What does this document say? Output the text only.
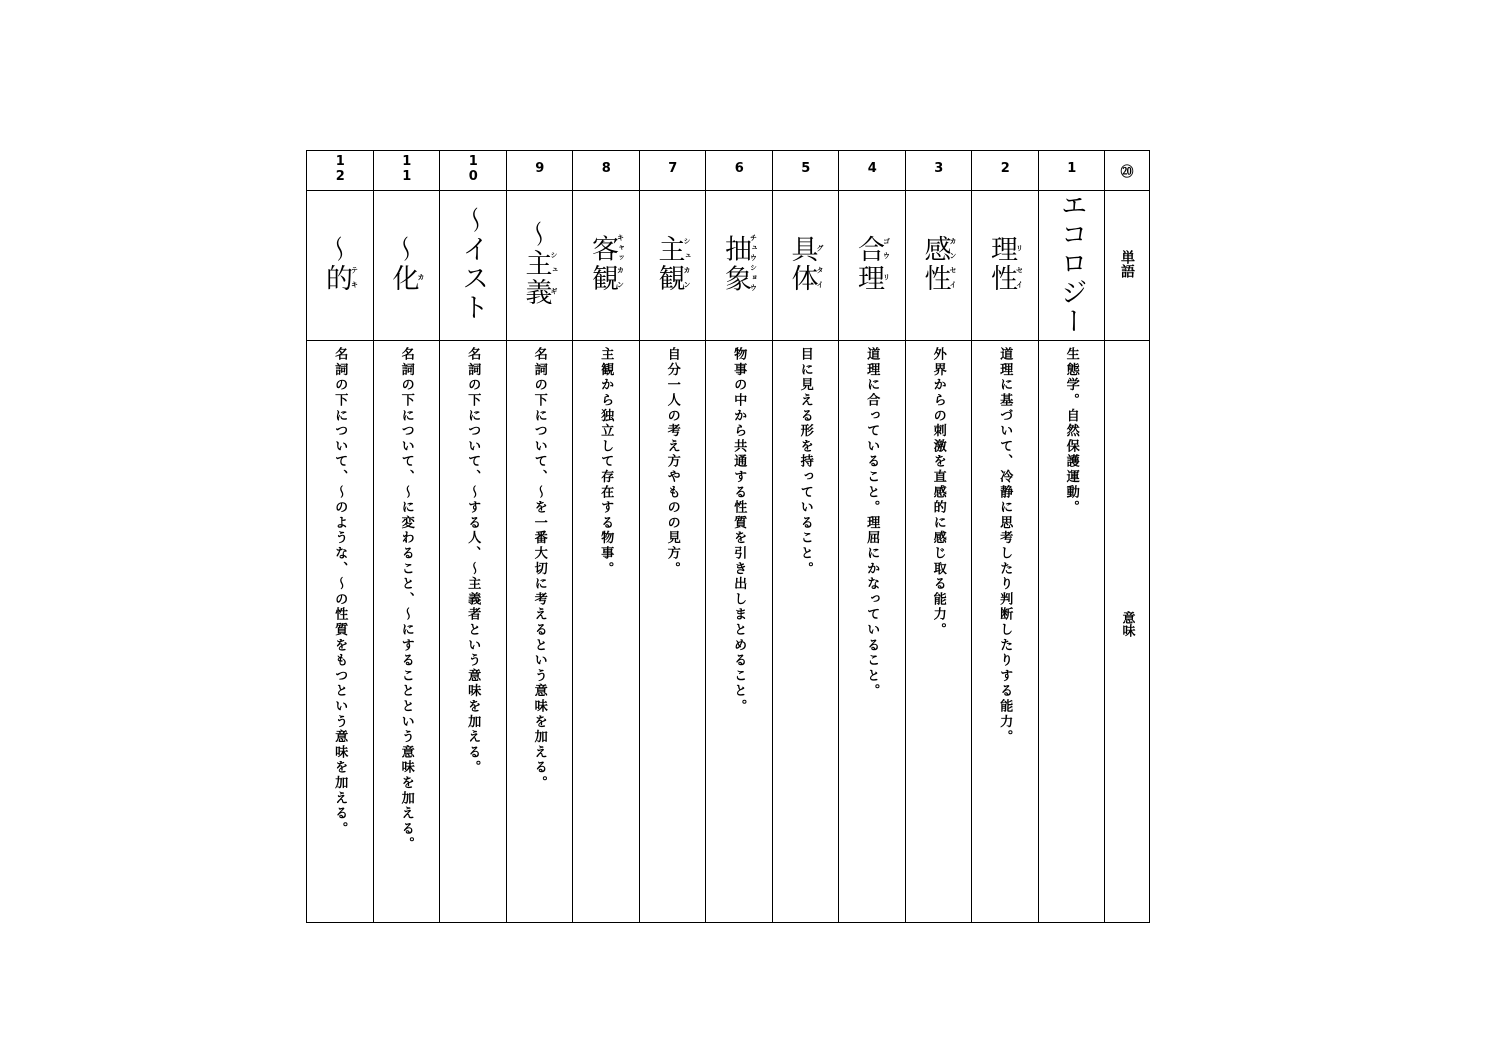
12	11	10	9	8	7	6	5	4	3	2	1	⑳
〜的テキ	〜化カ	〜イスト	〜主シュ義ギ	客キャッ観カン	主シュ観カン	抽チュウ象ショウ	具グ体タイ	合ゴウ理リ	感カン性セイ	理リ性セイ	エコロジー	単語

名詞の下について、〜のような、〜の性質をもつという意味を加える。	名詞の下について、〜に変わること、〜にすることという意味を加える。	名詞の下について、〜する人、〜主義者という意味を加える。	名詞の下について、〜を一番大切に考えるという意味を加える。	主観から独立して存在する物事。	自分一人の考え方やものの見方。	物事の中から共通する性質を引き出しまとめること。	目に見える形を持っていること。	道理に合っていること。理屈にかなっていること。	外界からの刺激を直感的に感じ取る能力。	道理に基づいて、冷静に思考したり判断したりする能力。	生態学。自然保護運動。	意味
